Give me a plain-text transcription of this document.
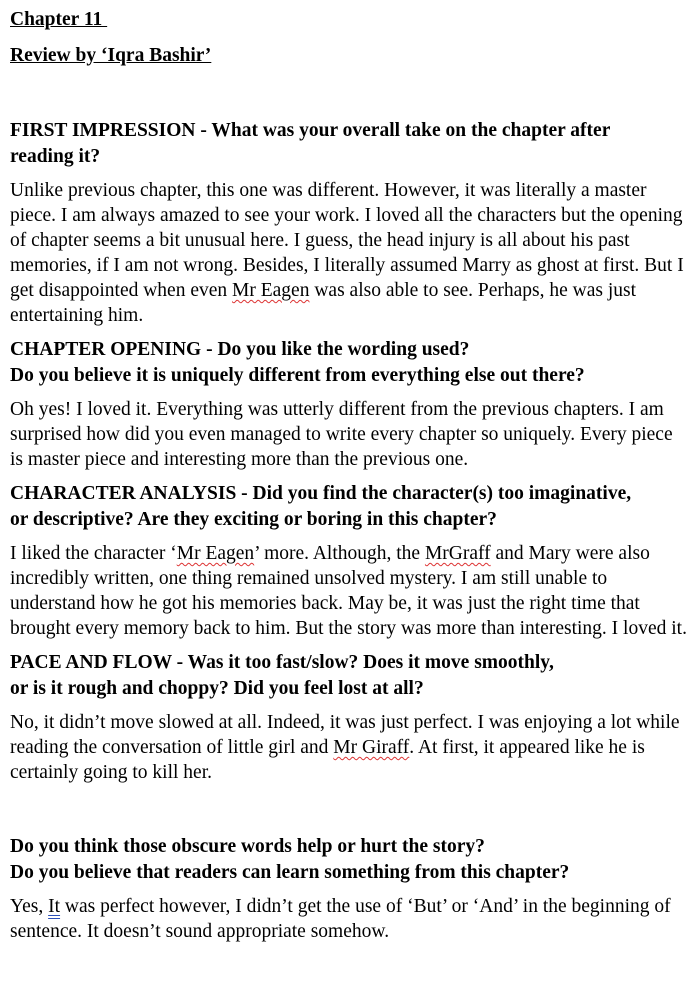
Chapter 11
Review by ‘Iqra Bashir’
FIRST IMPRESSION - What was your overall take on the chapter after
reading it?
Unlike previous chapter, this one was different. However, it was literally a master piece. I am always amazed to see your work. I loved all the characters but the opening of chapter seems a bit unusual here. I guess, the head injury is all about his past memories, if I am not wrong. Besides, I literally assumed Marry as ghost at first. But I get disappointed when even Mr Eagen was also able to see. Perhaps, he was just entertaining him.
CHAPTER OPENING - Do you like the wording used?
Do you believe it is uniquely different from everything else out there?
Oh yes! I loved it. Everything was utterly different from the previous chapters. I am surprised how did you even managed to write every chapter so uniquely. Every piece is master piece and interesting more than the previous one.
CHARACTER ANALYSIS - Did you find the character(s) too imaginative,
or descriptive? Are they exciting or boring in this chapter?
I liked the character ‘Mr Eagen’ more. Although, the MrGraff and Mary were also incredibly written, one thing remained unsolved mystery. I am still unable to understand how he got his memories back. May be, it was just the right time that brought every memory back to him. But the story was more than interesting. I loved it.
PACE AND FLOW - Was it too fast/slow? Does it move smoothly,
or is it rough and choppy? Did you feel lost at all?
No, it didn’t move slowed at all. Indeed, it was just perfect. I was enjoying a lot while reading the conversation of little girl and Mr Giraff. At first, it appeared like he is certainly going to kill her.
Do you think those obscure words help or hurt the story?
Do you believe that readers can learn something from this chapter?
Yes, It was perfect however, I didn’t get the use of ‘But’ or ‘And’ in the beginning of sentence. It doesn’t sound appropriate somehow.
